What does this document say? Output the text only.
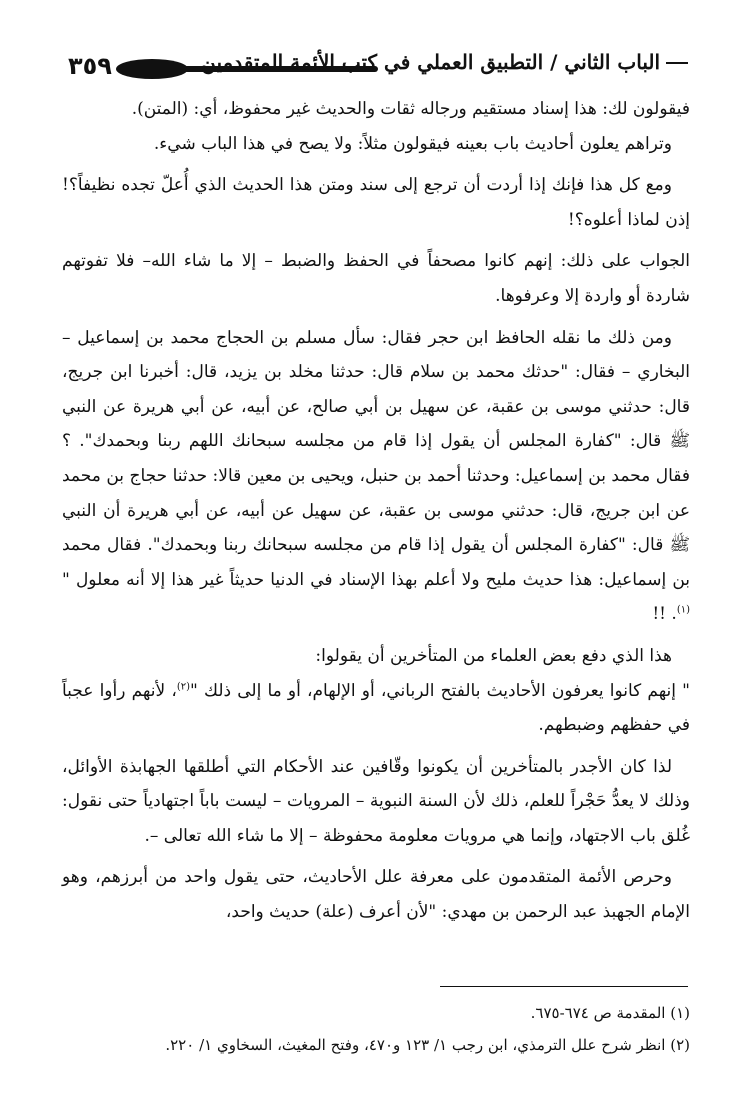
٣٥٩	الباب الثاني / التطبيق العملي في كتب الأئمة المتقدمين

فيقولون لك: هذا إسناد مستقيم ورجاله ثقات والحديث غير محفوظ، أي: (المتن).

وتراهم يعلون أحاديث باب بعينه فيقولون مثلاً: ولا يصح في هذا الباب شيء.

ومع كل هذا فإنك إذا أردت أن ترجع إلى سند ومتن هذا الحديث الذي أُعلّ تجده نظيفاً؟! إذن لماذا أعلوه؟!

الجواب على ذلك: إنهم كانوا مصحفاً في الحفظ والضبط – إلا ما شاء الله– فلا تفوتهم شاردة أو واردة إلا وعرفوها.

ومن ذلك ما نقله الحافظ ابن حجر فقال: سأل مسلم بن الحجاج محمد بن إسماعيل – البخاري – فقال: "حدثك محمد بن سلام قال: حدثنا مخلد بن يزيد، قال: أخبرنا ابن جريج، قال: حدثني موسى بن عقبة، عن سهيل بن أبي صالح، عن أبيه، عن أبي هريرة عن النبي ﷺ قال: "كفارة المجلس أن يقول إذا قام من مجلسه سبحانك اللهم ربنا وبحمدك". ؟ فقال محمد بن إسماعيل: وحدثنا أحمد بن حنبل، ويحيى بن معين قالا: حدثنا حجاج بن محمد عن ابن جريج، قال: حدثني موسى بن عقبة، عن سهيل عن أبيه، عن أبي هريرة أن النبي ﷺ قال: "كفارة المجلس أن يقول إذا قام من مجلسه سبحانك ربنا وبحمدك". فقال محمد بن إسماعيل: هذا حديث مليح ولا أعلم بهذا الإسناد في الدنيا حديثاً غير هذا إلا أنه معلول "$^{(١)}$. !!

هذا الذي دفع بعض العلماء من المتأخرين أن يقولوا:

" إنهم كانوا يعرفون الأحاديث بالفتح الرباني، أو الإلهام، أو ما إلى ذلك "$^{(٢)}$، لأنهم رأوا عجباً في حفظهم وضبطهم.

لذا كان الأجدر بالمتأخرين أن يكونوا وقّافين عند الأحكام التي أطلقها الجهابذة الأوائل، وذلك لا يعدُّ حَجْراً للعلم، ذلك لأن السنة النبوية – المرويات – ليست باباً اجتهادياً حتى نقول: غُلق باب الاجتهاد، وإنما هي مرويات معلومة محفوظة – إلا ما شاء الله تعالى –.

وحرص الأئمة المتقدمون على معرفة علل الأحاديث، حتى يقول واحد من أبرزهم، وهو الإمام الجهبذ عبد الرحمن بن مهدي: "لأن أعرف (علة) حديث واحد،

(١) المقدمة ص ٦٧٤-٦٧٥.

(٢) انظر شرح علل الترمذي، ابن رجب ١/ ١٢٣ و٤٧٠، وفتح المغيث، السخاوي ١/ ٢٢٠.
